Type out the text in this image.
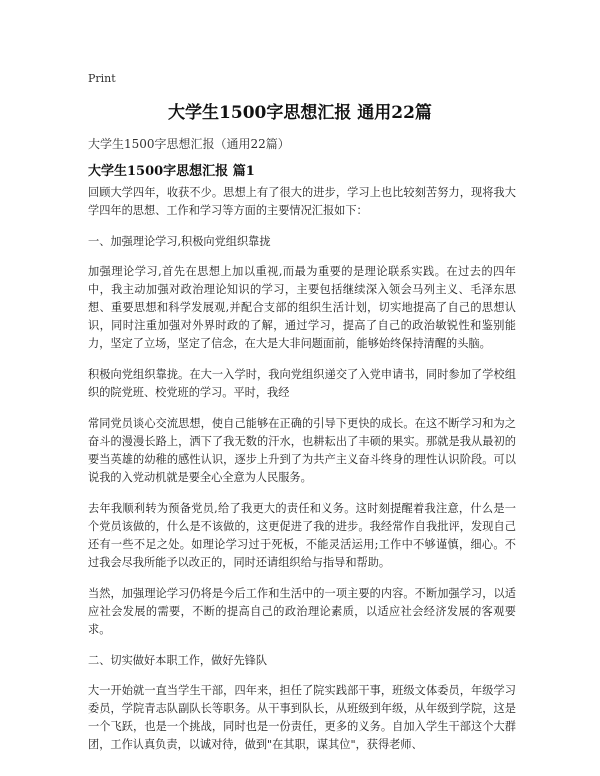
Print
大学生1500字思想汇报 通用22篇
大学生1500字思想汇报（通用22篇）
大学生1500字思想汇报 篇1

回顾大学四年，收获不少。思想上有了很大的进步，学习上也比较刻苦努力，现将我大学四年的思想、工作和学习等方面的主要情况汇报如下：

一、加强理论学习,积极向党组织靠拢

加强理论学习,首先在思想上加以重视,而最为重要的是理论联系实践。在过去的四年中，我主动加强对政治理论知识的学习，主要包括继续深入领会马列主义、毛泽东思想、重要思想和科学发展观,并配合支部的组织生活计划，切实地提高了自己的思想认识，同时注重加强对外界时政的了解，通过学习，提高了自己的政治敏锐性和鉴别能力，坚定了立场，坚定了信念，在大是大非问题面前，能够始终保持清醒的头脑。

积极向党组织靠拢。在大一入学时，我向党组织递交了入党申请书，同时参加了学校组织的院党班、校党班的学习。平时，我经

常同党员谈心交流思想，使自己能够在正确的引导下更快的成长。在这不断学习和为之奋斗的漫漫长路上，洒下了我无数的汗水，也耕耘出了丰硕的果实。那就是我从最初的要当英雄的幼稚的感性认识，逐步上升到了为共产主义奋斗终身的理性认识阶段。可以说我的入党动机就是要全心全意为人民服务。

去年我顺利转为预备党员,给了我更大的责任和义务。这时刻提醒着我注意，什么是一个党员该做的，什么是不该做的，这更促进了我的进步。我经常作自我批评，发现自己还有一些不足之处。如理论学习过于死板，不能灵活运用;工作中不够谨慎，细心。不过我会尽我所能予以改正的，同时还请组织给与指导和帮助。

当然，加强理论学习仍将是今后工作和生活中的一项主要的内容。不断加强学习，以适应社会发展的需要，不断的提高自己的政治理论素质，以适应社会经济发展的客观要求。

二、切实做好本职工作，做好先锋队

大一开始就一直当学生干部，四年来，担任了院实践部干事，班级文体委员，年级学习委员，学院青志队副队长等职务。从干事到队长，从班级到年级，从年级到学院，这是一个飞跃，也是一个挑战，同时也是一份责任，更多的义务。自加入学生干部这个大群团，工作认真负责，以诚对待，做到"在其职，谋其位"，获得老师、
